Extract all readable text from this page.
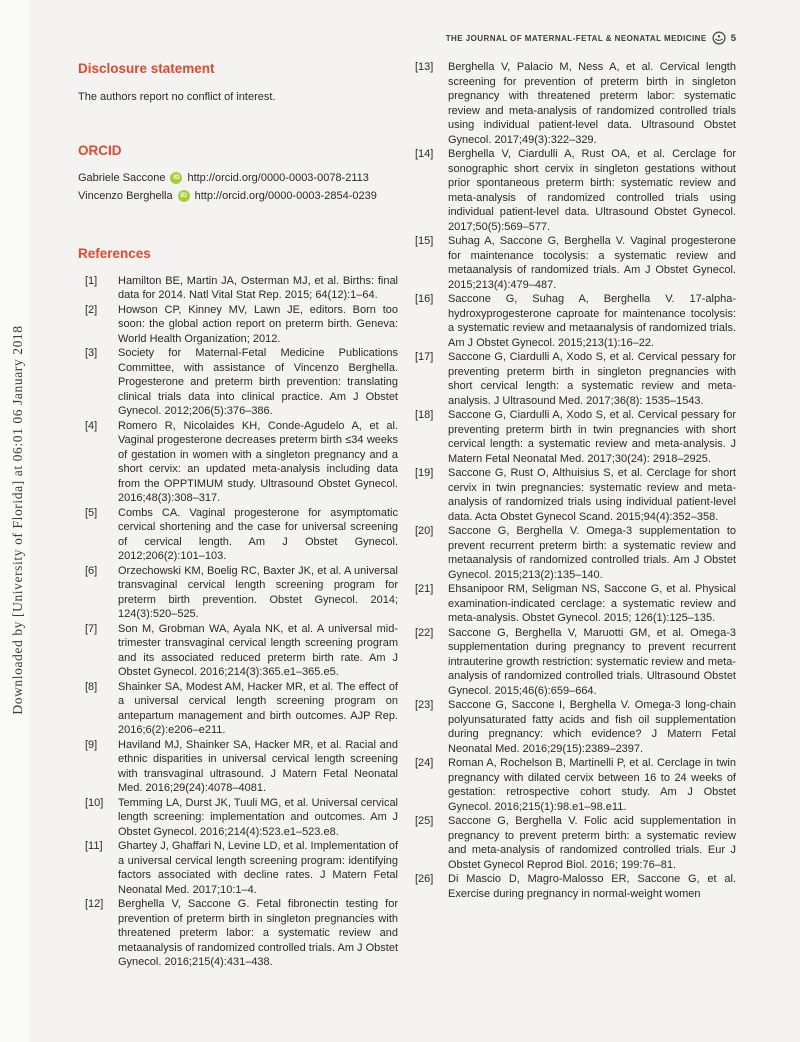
Downloaded by [University of Florida] at 06:01 06 January 2018
THE JOURNAL OF MATERNAL-FETAL & NEONATAL MEDICINE	5
Disclosure statement

The authors report no conflict of interest.

ORCID
Gabriele Saccone	iD http://orcid.org/0000-0003-0078-2113
Vincenzo Berghella	iD http://orcid.org/0000-0003-2854-0239
References
[1]	Hamilton BE, Martin JA, Osterman MJ, et al. Births: final data for 2014. Natl Vital Stat Rep. 2015; 64(12):1–64.
[2]	Howson CP, Kinney MV, Lawn JE, editors. Born too soon: the global action report on preterm birth. Geneva: World Health Organization; 2012.
[3]	Society for Maternal-Fetal Medicine Publications Committee, with assistance of Vincenzo Berghella. Progesterone and preterm birth prevention: translating clinical trials data into clinical practice. Am J Obstet Gynecol. 2012;206(5):376–386.
[4]	Romero R, Nicolaides KH, Conde-Agudelo A, et al. Vaginal progesterone decreases preterm birth ≤34 weeks of gestation in women with a singleton pregnancy and a short cervix: an updated meta-analysis including data from the OPPTIMUM study. Ultrasound Obstet Gynecol. 2016;48(3):308–317.
[5]	Combs CA. Vaginal progesterone for asymptomatic cervical shortening and the case for universal screening of cervical length. Am J Obstet Gynecol. 2012;206(2):101–103.
[6]	Orzechowski KM, Boelig RC, Baxter JK, et al. A universal transvaginal cervical length screening program for preterm birth prevention. Obstet Gynecol. 2014; 124(3):520–525.
[7]	Son M, Grobman WA, Ayala NK, et al. A universal mid-trimester transvaginal cervical length screening program and its associated reduced preterm birth rate. Am J Obstet Gynecol. 2016;214(3):365.e1–365.e5.
[8]	Shainker SA, Modest AM, Hacker MR, et al. The effect of a universal cervical length screening program on antepartum management and birth outcomes. AJP Rep. 2016;6(2):e206–e211.
[9]	Haviland MJ, Shainker SA, Hacker MR, et al. Racial and ethnic disparities in universal cervical length screening with transvaginal ultrasound. J Matern Fetal Neonatal Med. 2016;29(24):4078–4081.
[10]	Temming LA, Durst JK, Tuuli MG, et al. Universal cervical length screening: implementation and outcomes. Am J Obstet Gynecol. 2016;214(4):523.e1–523.e8.
[11]	Ghartey J, Ghaffari N, Levine LD, et al. Implementation of a universal cervical length screening program: identifying factors associated with decline rates. J Matern Fetal Neonatal Med. 2017;10:1–4.
[12]	Berghella V, Saccone G. Fetal fibronectin testing for prevention of preterm birth in singleton pregnancies with threatened preterm labor: a systematic review and metaanalysis of randomized controlled trials. Am J Obstet Gynecol. 2016;215(4):431–438.
[13]	Berghella V, Palacio M, Ness A, et al. Cervical length screening for prevention of preterm birth in singleton pregnancy with threatened preterm labor: systematic review and meta-analysis of randomized controlled trials using individual patient-level data. Ultrasound Obstet Gynecol. 2017;49(3):322–329.
[14]	Berghella V, Ciardulli A, Rust OA, et al. Cerclage for sonographic short cervix in singleton gestations without prior spontaneous preterm birth: systematic review and meta-analysis of randomized controlled trials using individual patient-level data. Ultrasound Obstet Gynecol. 2017;50(5):569–577.
[15]	Suhag A, Saccone G, Berghella V. Vaginal progesterone for maintenance tocolysis: a systematic review and metaanalysis of randomized trials. Am J Obstet Gynecol. 2015;213(4):479–487.
[16]	Saccone G, Suhag A, Berghella V. 17-alpha-hydroxyprogesterone caproate for maintenance tocolysis: a systematic review and metaanalysis of randomized trials. Am J Obstet Gynecol. 2015;213(1):16–22.
[17]	Saccone G, Ciardulli A, Xodo S, et al. Cervical pessary for preventing preterm birth in singleton pregnancies with short cervical length: a systematic review and meta-analysis. J Ultrasound Med. 2017;36(8): 1535–1543.
[18]	Saccone G, Ciardulli A, Xodo S, et al. Cervical pessary for preventing preterm birth in twin pregnancies with short cervical length: a systematic review and meta-analysis. J Matern Fetal Neonatal Med. 2017;30(24): 2918–2925.
[19]	Saccone G, Rust O, Althuisius S, et al. Cerclage for short cervix in twin pregnancies: systematic review and meta-analysis of randomized trials using individual patient-level data. Acta Obstet Gynecol Scand. 2015;94(4):352–358.
[20]	Saccone G, Berghella V. Omega-3 supplementation to prevent recurrent preterm birth: a systematic review and metaanalysis of randomized controlled trials. Am J Obstet Gynecol. 2015;213(2):135–140.
[21]	Ehsanipoor RM, Seligman NS, Saccone G, et al. Physical examination-indicated cerclage: a systematic review and meta-analysis. Obstet Gynecol. 2015; 126(1):125–135.
[22]	Saccone G, Berghella V, Maruotti GM, et al. Omega-3 supplementation during pregnancy to prevent recurrent intrauterine growth restriction: systematic review and meta-analysis of randomized controlled trials. Ultrasound Obstet Gynecol. 2015;46(6):659–664.
[23]	Saccone G, Saccone I, Berghella V. Omega-3 long-chain polyunsaturated fatty acids and fish oil supplementation during pregnancy: which evidence? J Matern Fetal Neonatal Med. 2016;29(15):2389–2397.
[24]	Roman A, Rochelson B, Martinelli P, et al. Cerclage in twin pregnancy with dilated cervix between 16 to 24 weeks of gestation: retrospective cohort study. Am J Obstet Gynecol. 2016;215(1):98.e1–98.e11.
[25]	Saccone G, Berghella V. Folic acid supplementation in pregnancy to prevent preterm birth: a systematic review and meta-analysis of randomized controlled trials. Eur J Obstet Gynecol Reprod Biol. 2016; 199:76–81.
[26]	Di Mascio D, Magro-Malosso ER, Saccone G, et al. Exercise during pregnancy in normal-weight women
